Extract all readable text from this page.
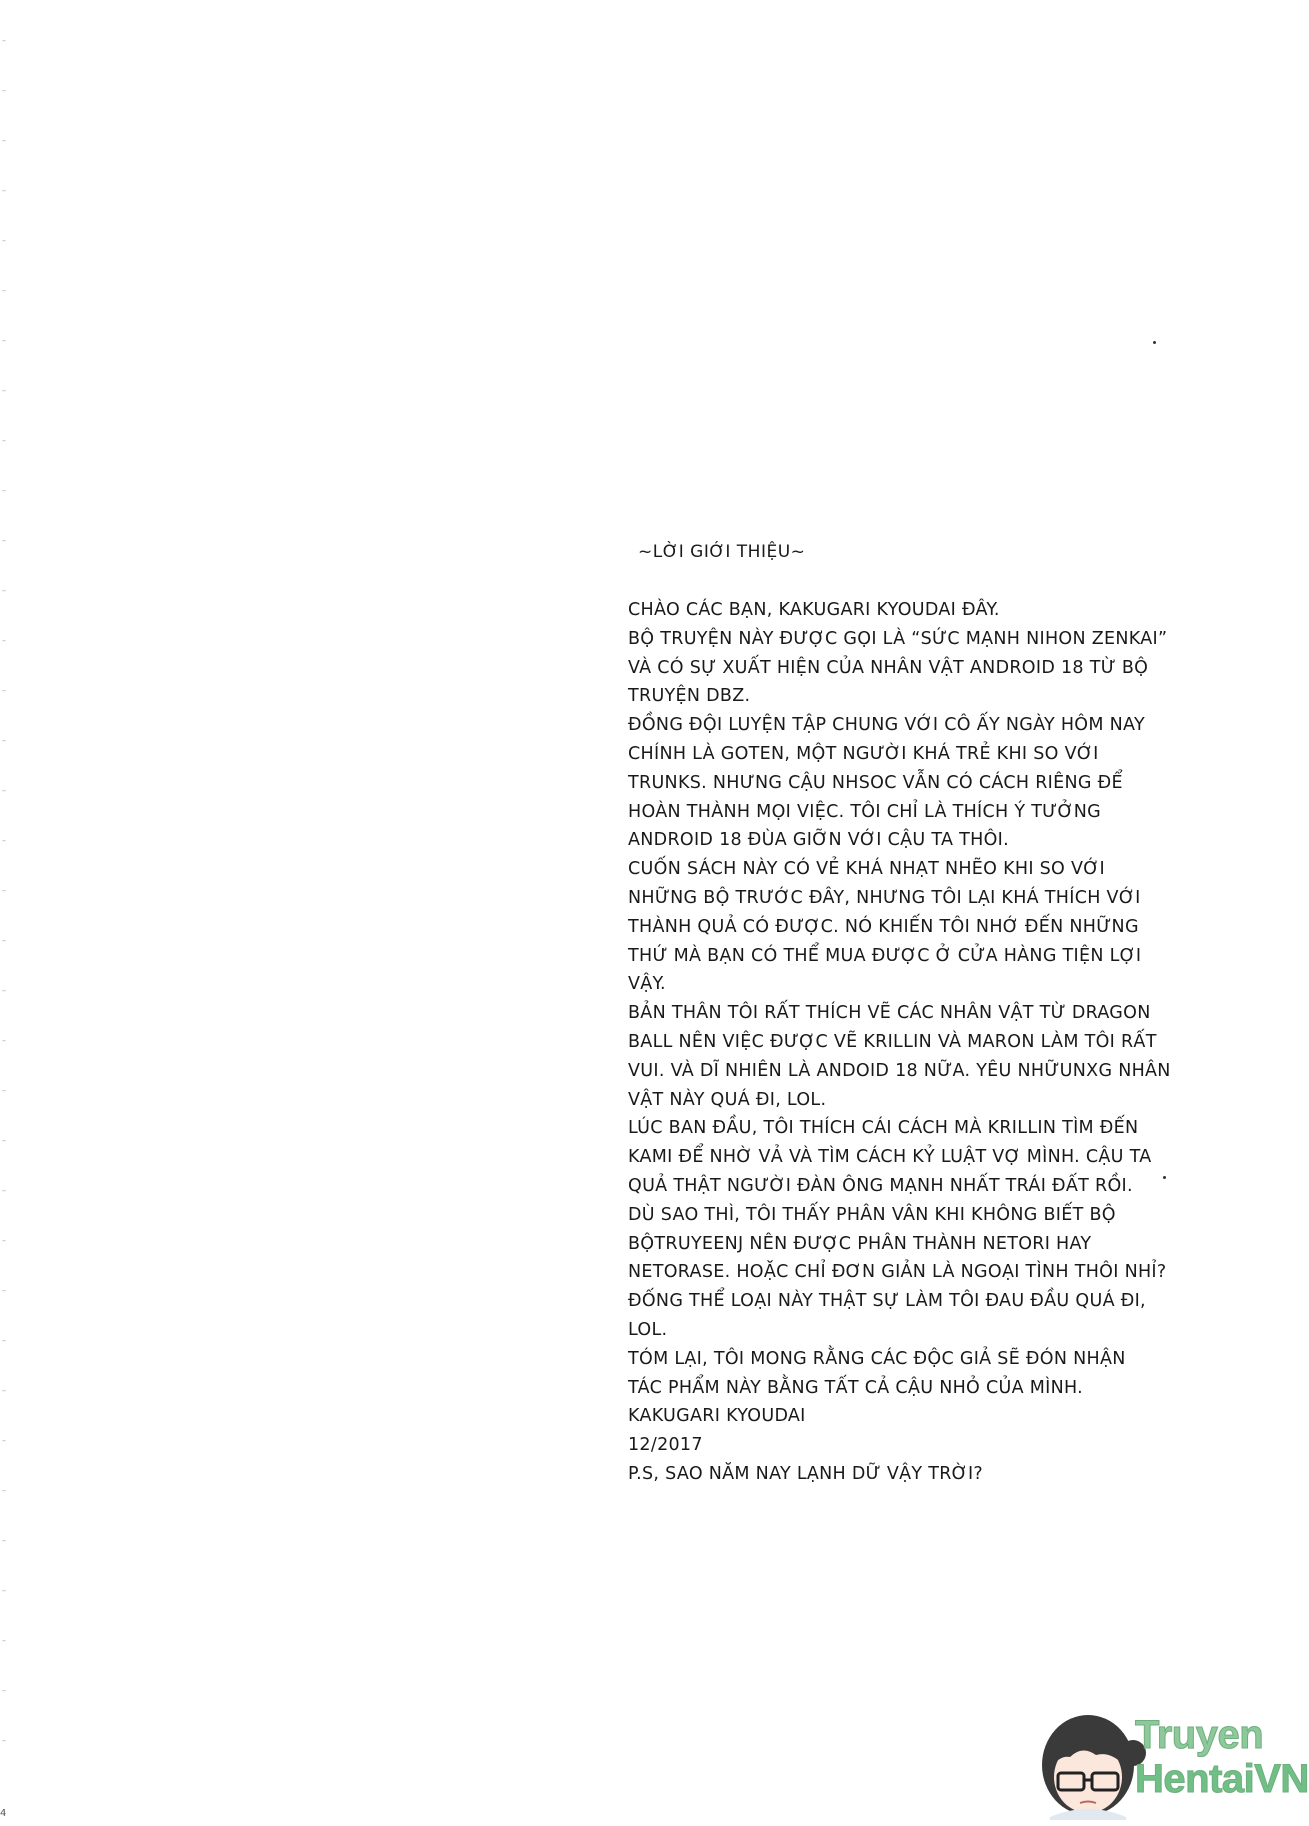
~LỜI GIỚI THIỆU~
CHÀO CÁC BẠN, KAKUGARI KYOUDAI ĐÂY.
BỘ TRUYỆN NÀY ĐƯỢC GỌI LÀ “SỨC MẠNH NIHON ZENKAI”
VÀ CÓ SỰ XUẤT HIỆN CỦA NHÂN VẬT ANDROID 18 TỪ BỘ
TRUYỆN DBZ.
ĐỒNG ĐỘI LUYỆN TẬP CHUNG VỚI CÔ ẤY NGÀY HÔM NAY
CHÍNH LÀ GOTEN, MỘT NGƯỜI KHÁ TRẺ KHI SO VỚI
TRUNKS. NHƯNG CẬU NHSOC VẪN CÓ CÁCH RIÊNG ĐỂ
HOÀN THÀNH MỌI VIỆC. TÔI CHỈ LÀ THÍCH Ý TƯỞNG
ANDROID 18 ĐÙA GIỠN VỚI CẬU TA THÔI.
CUỐN SÁCH NÀY CÓ VẺ KHÁ NHẠT NHẼO KHI SO VỚI
NHỮNG BỘ TRƯỚC ĐÂY, NHƯNG TÔI LẠI KHÁ THÍCH VỚI
THÀNH QUẢ CÓ ĐƯỢC. NÓ KHIẾN TÔI NHỚ ĐẾN NHỮNG
THỨ MÀ BẠN CÓ THỂ MUA ĐƯỢC Ở CỬA HÀNG TIỆN LỢI
VẬY.
BẢN THÂN TÔI RẤT THÍCH VẼ CÁC NHÂN VẬT TỪ DRAGON
BALL NÊN VIỆC ĐƯỢC VẼ KRILLIN VÀ MARON LÀM TÔI RẤT
VUI. VÀ DĨ NHIÊN LÀ ANDOID 18 NỮA. YÊU NHỮUNXG NHÂN
VẬT NÀY QUÁ ĐI, LOL.
LÚC BAN ĐẦU, TÔI THÍCH CÁI CÁCH MÀ KRILLIN TÌM ĐẾN
KAMI ĐỂ NHỜ VẢ VÀ TÌM CÁCH KỶ LUẬT VỢ MÌNH. CẬU TA
QUẢ THẬT NGƯỜI ĐÀN ÔNG MẠNH NHẤT TRÁI ĐẤT RỒI.
DÙ SAO THÌ, TÔI THẤY PHÂN VÂN KHI KHÔNG BIẾT BỘ
BỘTRUYEENJ NÊN ĐƯỢC PHÂN THÀNH NETORI HAY
NETORASE. HOẶC CHỈ ĐƠN GIẢN LÀ NGOẠI TÌNH THÔI NHỈ?
ĐỐNG THỂ LOẠI NÀY THẬT SỰ LÀM TÔI ĐAU ĐẦU QUÁ ĐI,
LOL.
TÓM LẠI, TÔI MONG RẰNG CÁC ĐỘC GIẢ SẼ ĐÓN NHẬN
TÁC PHẨM NÀY BẰNG TẤT CẢ CẬU NHỎ CỦA MÌNH.
KAKUGARI KYOUDAI
12/2017
P.S, SAO NĂM NAY LẠNH DỮ VẬY TRỜI?
4
Truyen
HentaiVN
